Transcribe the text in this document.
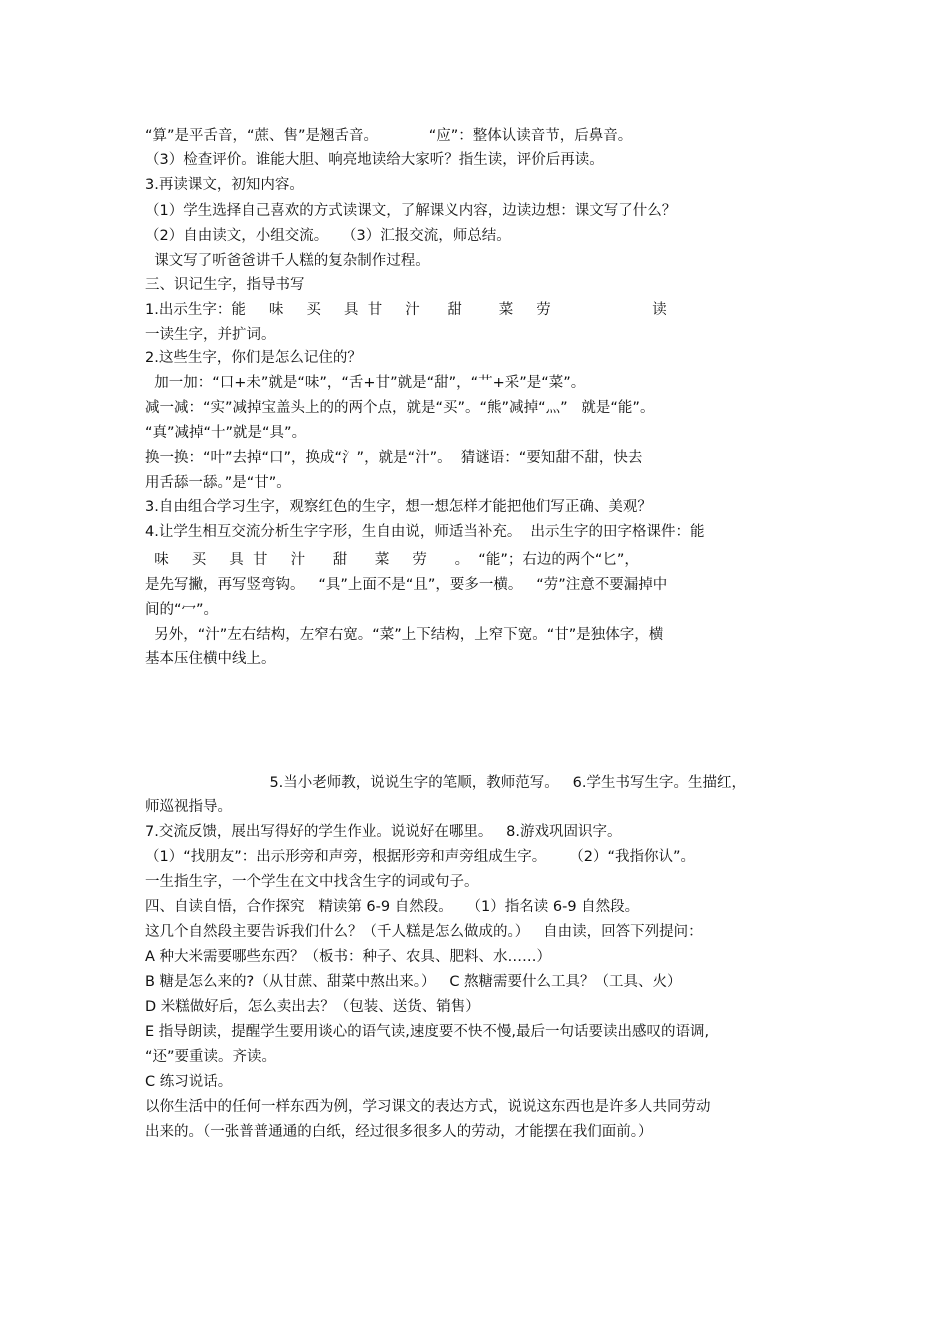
“算”是平舌音，“蔗、售”是翘舌音。           “应”：整体认读音节，后鼻音。
（3）检查评价。谁能大胆、响亮地读给大家听？指生读，评价后再读。
3.再读课文，初知内容。
（1）学生选择自己喜欢的方式读课文，了解课义内容，边读边想：课文写了什么？
（2）自由读文，小组交流。   （3）汇报交流，师总结。
课文写了听爸爸讲千人糕的复杂制作过程。
三、识记生字，指导书写
1.出示生字：能     味     买     具  甘     汁      甜        菜     劳                      读
一读生字，并扩词。
2.这些生字，你们是怎么记住的？
加一加：“口+未”就是“味”，“舌+甘”就是“甜”，“艹+采”是“菜”。
减一减：“实”减掉宝盖头上的的两个点，就是“买”。“熊”减掉“灬”   就是“能”。
“真”减掉“十”就是“具”。
换一换：“叶”去掉“口”，换成“氵”，就是“汁”。  猜谜语：“要知甜不甜，快去
用舌舔一舔。”是“甘”。
3.自由组合学习生字，观察红色的生字，想一想怎样才能把他们写正确、美观？
4.让学生相互交流分析生字字形，生自由说，师适当补充。  出示生字的田字格课件：能
味     买     具  甘     汁      甜      菜     劳      。  “能”；右边的两个“匕”，
是先写撇，再写竖弯钩。   “具”上面不是“且”，要多一横。   “劳”注意不要漏掉中
间的“冖”。
另外，“汁”左右结构，左窄右宽。“菜”上下结构，上窄下宽。“甘”是独体字，横
基本压住横中线上。
5.当小老师教，说说生字的笔顺，教师范写。   6.学生书写生字。生描红，
师巡视指导。
7.交流反馈，展出写得好的学生作业。说说好在哪里。   8.游戏巩固识字。
（1）“找朋友”：出示形旁和声旁，根据形旁和声旁组成生字。     （2）“我指你认”。
一生指生字，一个学生在文中找含生字的词或句子。
四、自读自悟，合作探究   精读第 6-9 自然段。   （1）指名读 6-9 自然段。
这几个自然段主要告诉我们什么？（千人糕是怎么做成的。）   自由读，回答下列提问：
A 种大米需要哪些东西？（板书：种子、农具、肥料、水……）
B 糖是怎么来的?（从甘蔗、甜菜中熬出来。）   C 熬糖需要什么工具？（工具、火）
D 米糕做好后，怎么卖出去？（包装、送货、销售）
E 指导朗读，提醒学生要用谈心的语气读,速度要不快不慢,最后一句话要读出感叹的语调,
“还”要重读。齐读。
C 练习说话。
以你生活中的任何一样东西为例，学习课文的表达方式，说说这东西也是许多人共同劳动
出来的。（一张普普通通的白纸，经过很多很多人的劳动，才能摆在我们面前。）
